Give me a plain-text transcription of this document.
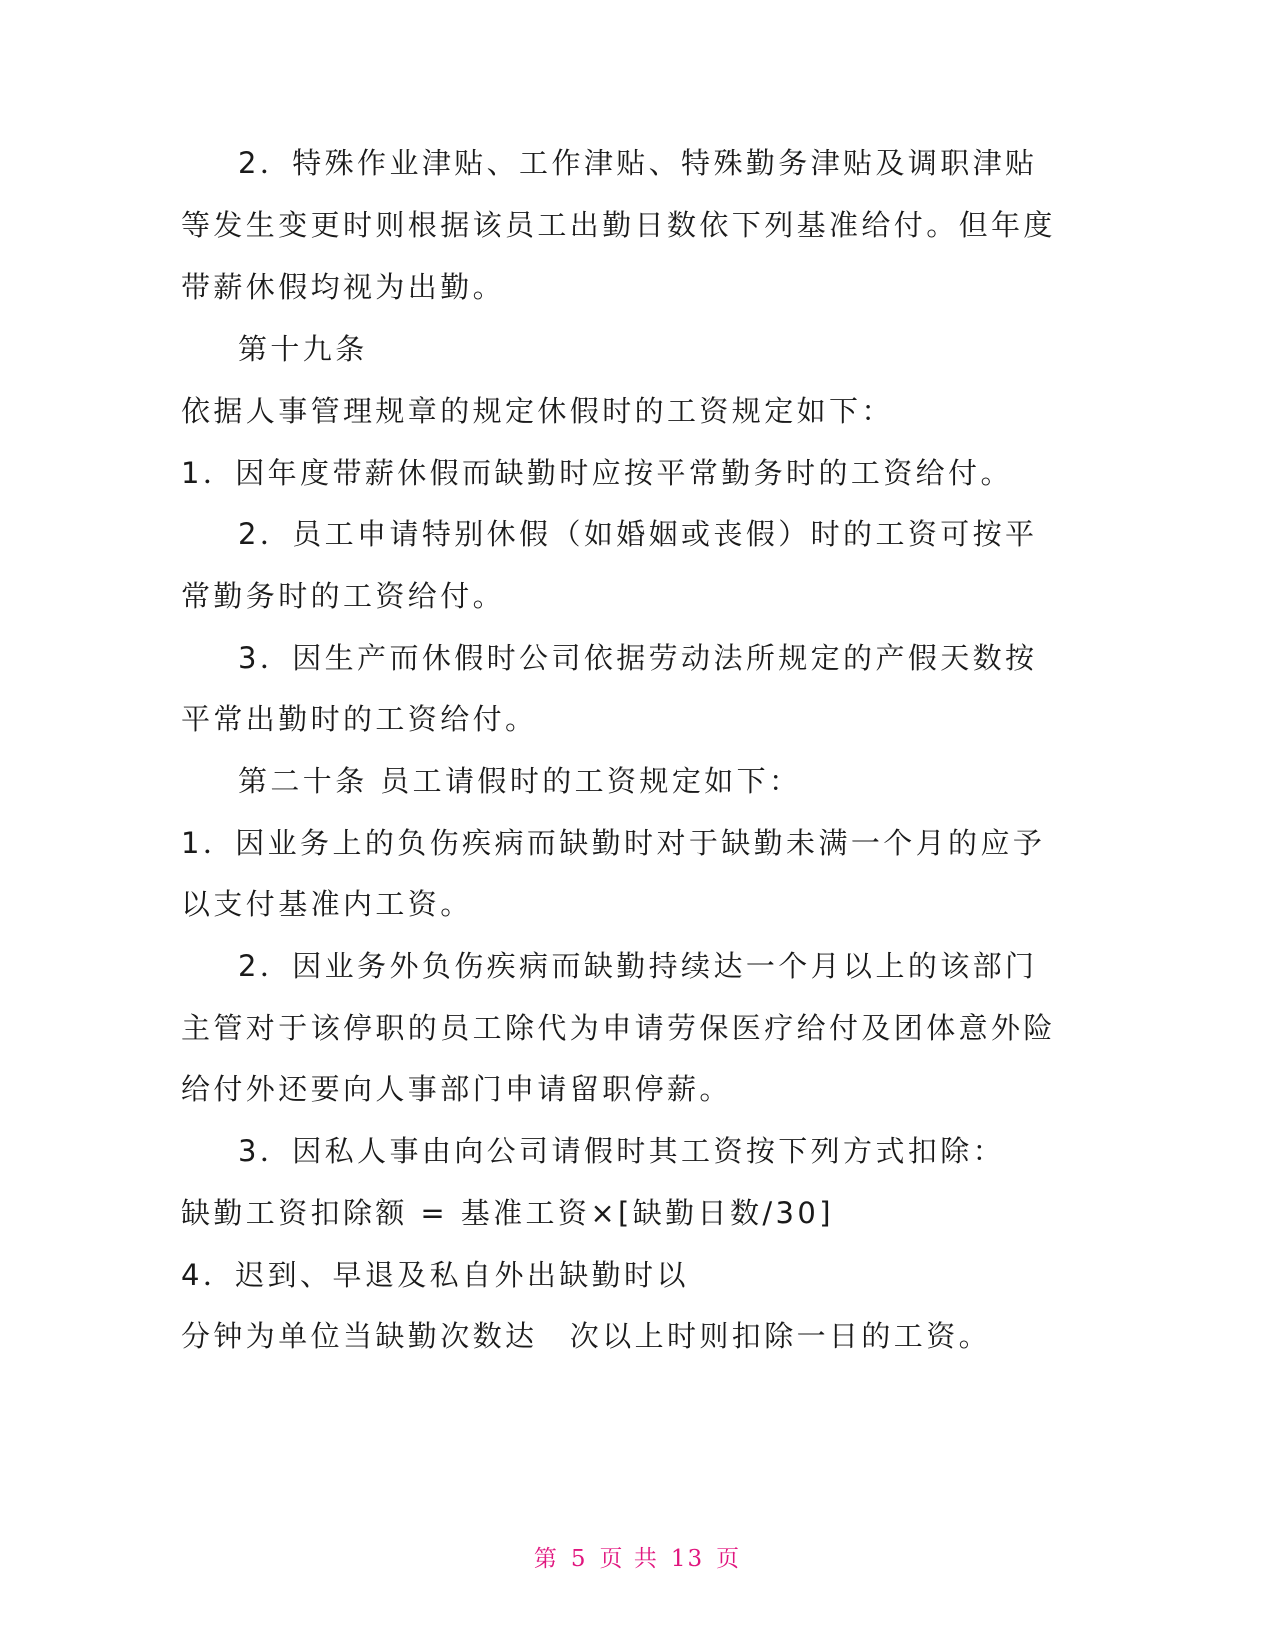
2．特殊作业津贴、工作津贴、特殊勤务津贴及调职津贴
等发生变更时则根据该员工出勤日数依下列基准给付。但年度
带薪休假均视为出勤。
第十九条
依据人事管理规章的规定休假时的工资规定如下：
1．因年度带薪休假而缺勤时应按平常勤务时的工资给付。
2．员工申请特别休假（如婚姻或丧假）时的工资可按平
常勤务时的工资给付。
3．因生产而休假时公司依据劳动法所规定的产假天数按
平常出勤时的工资给付。
第二十条 员工请假时的工资规定如下：
1．因业务上的负伤疾病而缺勤时对于缺勤未满一个月的应予
以支付基准内工资。
2．因业务外负伤疾病而缺勤持续达一个月以上的该部门
主管对于该停职的员工除代为申请劳保医疗给付及团体意外险
给付外还要向人事部门申请留职停薪。
3．因私人事由向公司请假时其工资按下列方式扣除：
缺勤工资扣除额 = 基准工资×[缺勤日数/30]
4．迟到、早退及私自外出缺勤时以
分钟为单位当缺勤次数达　次以上时则扣除一日的工资。
第 5 页 共 13 页
